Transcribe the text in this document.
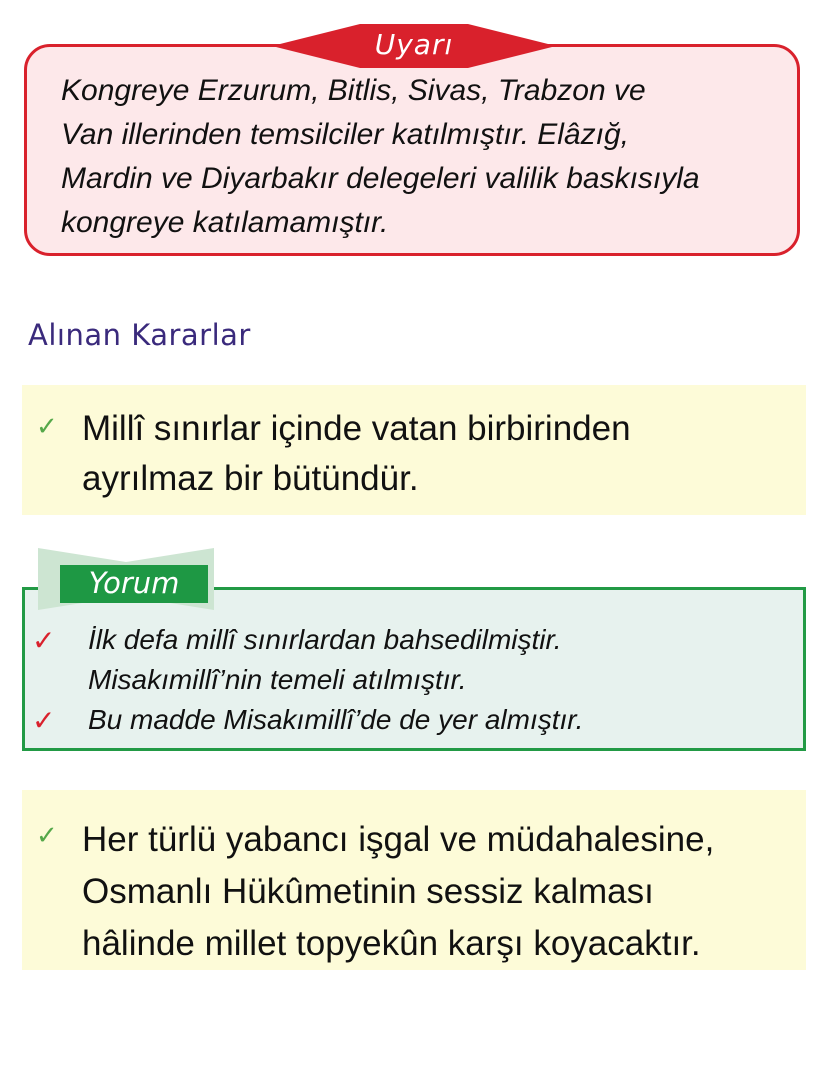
Kongreye Erzurum, Bitlis, Sivas, Trabzon ve
Van illerinden temsilciler katılmıştır. Elâzığ,
Mardin ve Diyarbakır delegeleri valilik baskısıyla
kongreye katılamamıştır.

Uyarı
Alınan Kararlar
✓ Millî sınırlar içinde vatan birbirinden
ayrılmaz bir bütündür.
Yorum
✓ İlk defa millî sınırlardan bahsedilmiştir.
Misakımillî’nin temeli atılmıştır.
✓ Bu madde Misakımillî’de de yer almıştır.
✓ Her türlü yabancı işgal ve müdahalesine,
Osmanlı Hükûmetinin sessiz kalması
hâlinde millet topyekûn karşı koyacaktır.
